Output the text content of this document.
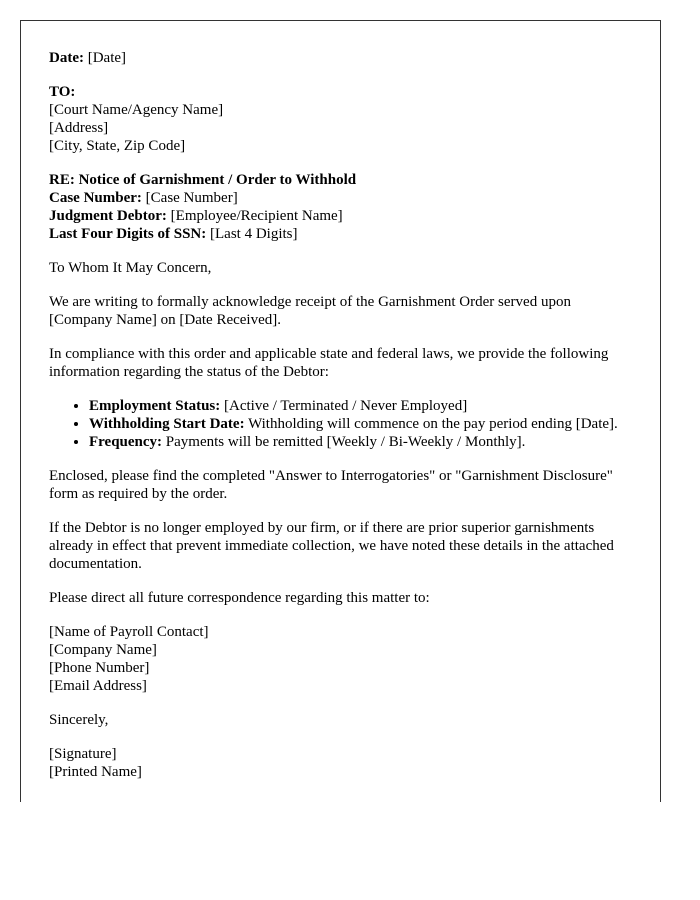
Date: [Date]
TO:
[Court Name/Agency Name]
[Address]
[City, State, Zip Code]
RE: Notice of Garnishment / Order to Withhold
Case Number: [Case Number]
Judgment Debtor: [Employee/Recipient Name]
Last Four Digits of SSN: [Last 4 Digits]

To Whom It May Concern,

We are writing to formally acknowledge receipt of the Garnishment Order served upon [Company Name] on [Date Received].

In compliance with this order and applicable state and federal laws, we provide the following information regarding the status of the Debtor:

• Employment Status: [Active / Terminated / Never Employed]
• Withholding Start Date: Withholding will commence on the pay period ending [Date].
• Frequency: Payments will be remitted [Weekly / Bi-Weekly / Monthly].

Enclosed, please find the completed "Answer to Interrogatories" or "Garnishment Disclosure" form as required by the order.

If the Debtor is no longer employed by our firm, or if there are prior superior garnishments already in effect that prevent immediate collection, we have noted these details in the attached documentation.

Please direct all future correspondence regarding this matter to:

[Name of Payroll Contact]
[Company Name]
[Phone Number]
[Email Address]

Sincerely,

[Signature]
[Printed Name]
